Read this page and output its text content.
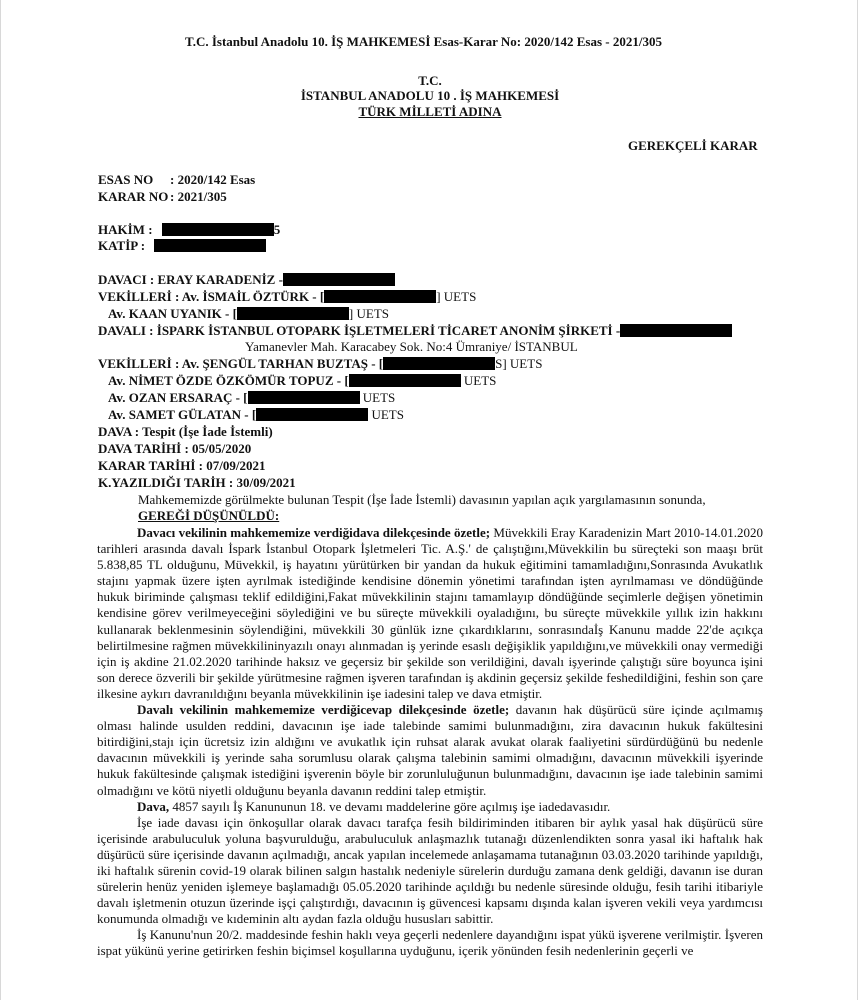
T.C. İstanbul Anadolu 10. İŞ MAHKEMESİ Esas-Karar No: 2020/142 Esas - 2021/305
T.C.
İSTANBUL ANADOLU 10 . İŞ MAHKEMESİ
TÜRK MİLLETİ ADINA
GEREKÇELİ KARAR
ESAS NO : 2020/142 Esas
KARAR NO : 2021/305
HAKİM :	5
KATİP :
DAVACI : ERAY KARADENİZ -
VEKİLLERİ : Av. İSMAİL ÖZTÜRK - [	] UETS
Av. KAAN UYANIK - [	] UETS
DAVALI : İSPARK İSTANBUL OTOPARK İŞLETMELERİ TİCARET ANONİM ŞİRKETİ -
Yamanevler Mah. Karacabey Sok. No:4 Ümraniye/ İSTANBUL
VEKİLLERİ : Av. ŞENGÜL TARHAN BUZTAŞ - [	S] UETS
Av. NİMET ÖZDE ÖZKÖMÜR TOPUZ - [	UETS
Av. OZAN ERSARAÇ - [	UETS
Av. SAMET GÜLATAN - [	UETS
DAVA : Tespit (İşe İade İstemli)
DAVA TARİHİ : 05/05/2020
KARAR TARİHİ : 07/09/2021
K.YAZILDIĞI TARİH : 30/09/2021
Mahkememizde görülmekte bulunan Tespit (İşe İade İstemli) davasının yapılan açık yargılamasının sonunda,
GEREĞİ DÜŞÜNÜLDÜ:

Davacı vekilinin mahkememize verdiğidava dilekçesinde özetle; Müvekkili Eray Karadenizin Mart 2010-14.01.2020 tarihleri arasında davalı İspark İstanbul Otopark İşletmeleri Tic. A.Ş.' de çalıştığını,Müvekkilin bu süreçteki son maaşı brüt 5.838,85 TL olduğunu, Müvekkil, iş hayatını yürütürken bir yandan da hukuk eğitimini tamamladığını,Sonrasında Avukatlık stajını yapmak üzere işten ayrılmak istediğinde kendisine dönemin yönetimi tarafından işten ayrılmaması ve döndüğünde hukuk biriminde çalışması teklif edildiğini,Fakat müvekkilinin stajını tamamlayıp döndüğünde seçimlerle değişen yönetimin kendisine görev verilmeyeceğini söylediğini ve bu süreçte müvekkili oyaladığını, bu süreçte müvekkile yıllık izin hakkını kullanarak beklenmesinin söylendiğini, müvekkili 30 günlük izne çıkardıklarını, sonrasındaİş Kanunu madde 22'de açıkça belirtilmesine rağmen müvekkilininyazılı onayı alınmadan iş yerinde esaslı değişiklik yapıldığını,ve müvekkili onay vermediği için iş akdine 21.02.2020 tarihinde haksız ve geçersiz bir şekilde son verildiğini, davalı işyerinde çalıştığı süre boyunca işini son derece özverili bir şekilde yürütmesine rağmen işveren tarafından iş akdinin geçersiz şekilde feshedildiğini, feshin son çare ilkesine aykırı davranıldığını beyanla müvekkilinin işe iadesini talep ve dava etmiştir.

Davalı vekilinin mahkememize verdiğicevap dilekçesinde özetle; davanın hak düşürücü süre içinde açılmamış olması halinde usulden reddini, davacının işe iade talebinde samimi bulunmadığını, zira davacının hukuk fakültesini bitirdiğini,stajı için ücretsiz izin aldığını ve avukatlık için ruhsat alarak avukat olarak faaliyetini sürdürdüğünü bu nedenle davacının müvekkili iş yerinde saha sorumlusu olarak çalışma talebinin samimi olmadığını, davacının müvekkili işyerinde hukuk fakültesinde çalışmak istediğini işverenin böyle bir zorunluluğunun bulunmadığını, davacının işe iade talebinin samimi olmadığını ve kötü niyetli olduğunu beyanla davanın reddini talep etmiştir.

Dava, 4857 sayılı İş Kanununun 18. ve devamı maddelerine göre açılmış işe iadedavasıdır.

İşe iade davası için önkoşullar olarak davacı tarafça fesih bildiriminden itibaren bir aylık yasal hak düşürücü süre içerisinde arabuluculuk yoluna başvurulduğu, arabuluculuk anlaşmazlık tutanağı düzenlendikten sonra yasal iki haftalık hak düşürücü süre içerisinde davanın açılmadığı, ancak yapılan incelemede anlaşamama tutanağının 03.03.2020 tarihinde yapıldığı, iki haftalık sürenin covid-19 olarak bilinen salgın hastalık nedeniyle sürelerin durduğu zamana denk geldiği, davanın ise duran sürelerin henüz yeniden işlemeye başlamadığı 05.05.2020 tarihinde açıldığı bu nedenle süresinde olduğu, fesih tarihi itibariyle davalı işletmenin otuzun üzerinde işçi çalıştırdığı, davacının iş güvencesi kapsamı dışında kalan işveren vekili veya yardımcısı konumunda olmadığı ve kıdeminin altı aydan fazla olduğu hususları sabittir.

İş Kanunu'nun 20/2. maddesinde feshin haklı veya geçerli nedenlere dayandığını ispat yükü işverene verilmiştir. İşveren ispat yükünü yerine getirirken feshin biçimsel koşullarına uyduğunu, içerik yönünden fesih nedenlerinin geçerli ve
